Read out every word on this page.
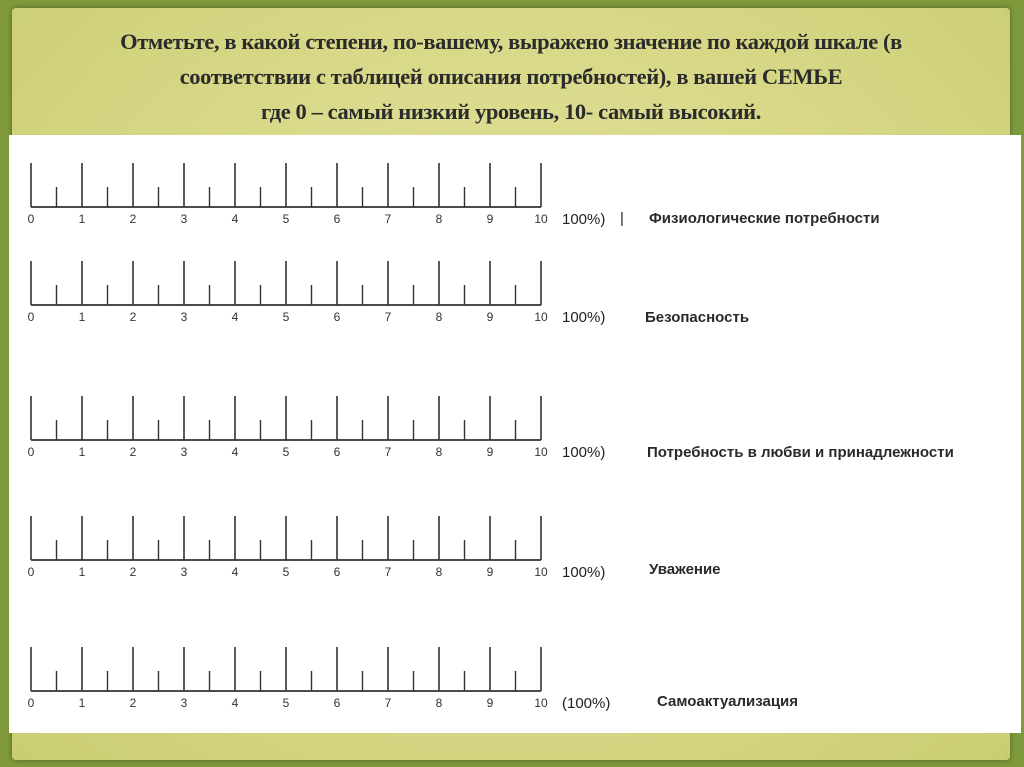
Отметьте, в какой степени, по-вашему, выражено значение по каждой шкале (в
соответствии с таблицей описания потребностей), в вашей СЕМЬЕ
где 0 – самый низкий уровень, 10- самый высокий.
0	1	2	3	4	5	6	7	8	9	10 100%) | Физиологические потребности
0	1	2	3	4	5	6	7	8	9	10 100%)	Безопасность
0	1	2	3	4	5	6	7	8	9	10 100%)	Потребность в любви и принадлежности
0	1	2	3	4	5	6	7	8	9	10 100%)	Уважение
0	1	2	3	4	5	6	7	8	9	10 (100%)	Самоактуализация
